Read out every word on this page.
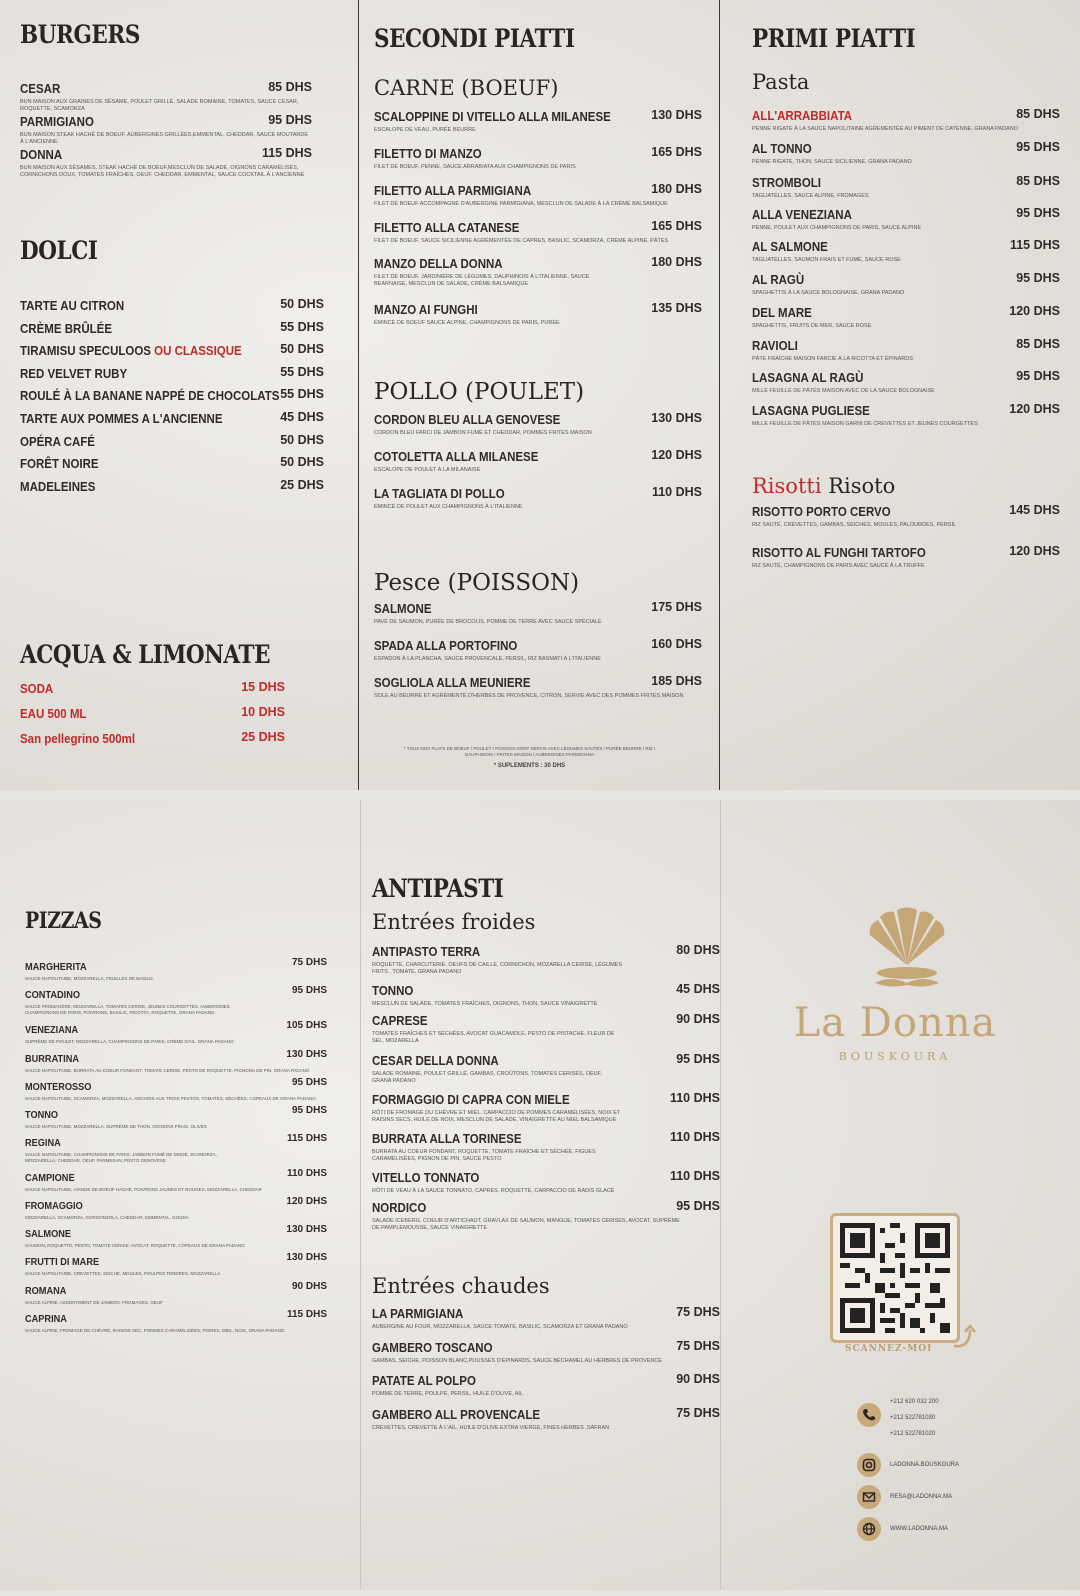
BURGERS
CESAR	85 DHS
BUN MAISON AUX GRAINES DE SÉSAME, POULET GRILLÉ, SALADE ROMAINE, TOMATES, SAUCE CESAR, ROQUETTE, SCAMORZA
PARMIGIANO	95 DHS
BUN MAISON STEAK HACHÉ DE BOEUF, AUBERGINES GRILLÉES,EMMENTAL, CHEDDAR, SAUCE MOUTARDE À L'ANCIENNE
DONNA	115 DHS
BUN MAISON AUX SÉSAMES, STEAK HACHÉ DE BOEUF,MESCLUN DE SALADE, OIGNONS CARAMÉLISÉS, CORNICHONS DOUX, TOMATES FRAÎCHES, OEUF, CHEDDAR, EMMENTAL, SAUCE COCKTAIL À L'ANCIENNE
DOLCI
TARTE AU CITRON	50 DHS
CRÈME BRÛLÉE	55 DHS
TIRAMISU SPECULOOS OU CLASSIQUE	50 DHS
RED VELVET RUBY	55 DHS
ROULÉ À LA BANANE NAPPÉ DE CHOCOLATS 55 DHS
TARTE AUX POMMES A L'ANCIENNE	45 DHS
OPÉRA CAFÉ	50 DHS
FORÊT NOIRE	50 DHS
MADELEINES	25 DHS
ACQUA & LIMONATE
SODA	15 DHS
EAU 500 ML	10 DHS
San pellegrino 500ml	25 DHS
SECONDI PIATTI
CARNE (BOEUF)
SCALOPPINE DI VITELLO ALLA MILANESE	130 DHS
ESCALOPE DE VEAU, PURÉE BEURRE
FILETTO DI MANZO	165 DHS
FILET DE BOEUF, PENNE, SAUCE ARRABIATA AUX CHAMPIGNONS DE PARIS
FILETTO ALLA PARMIGIANA	180 DHS
FILET DE BOEUF ACCOMPAGNÉ D'AUBERGINE PARMIGIANA, MESCLUN DE SALADE À LA CRÈME BALSAMIQUE
FILETTO ALLA CATANESE	165 DHS
FILET DE BOEUF, SAUCE SICILIENNE AGRÉMENTÉE DE CAPRES, BASILIC, SCAMORZA, CRÈME ALPINE, PÂTES
MANZO DELLA DONNA	180 DHS
FILET DE BOEUF, JARDINIÈRE DE LÉGUMES, DAUPHINOIS À L'ITALIENNE, SAUCE BEARNAISE, MESCLUN DE SALADE, CRÈME BALSAMIQUE
MANZO AI FUNGHI	135 DHS
ÉMINCÉ DE BOEUF SAUCE ALPINE, CHAMPIGNONS DE PARIS, PURÉE
POLLO (POULET)
CORDON BLEU ALLA GENOVESE	130 DHS
CORDON BLEU FARCI DE JAMBON FUMÉ ET CHEDDAR, POMMES FRITES MAISON
COTOLETTA ALLA MILANESE	120 DHS
ESCALOPE DE POULET À LA MILANAISE
LA TAGLIATA DI POLLO	110 DHS
ÉMINCÉ DE POULET AUX CHAMPIGNONS À L'ITALIENNE
Pesce (POISSON)
SALMONE	175 DHS
PAVÉ DE SAUMON, PURÉE DE BROCOLIS, POMME DE TERRE AVEC SAUCE SPÉCIALE
SPADA ALLA PORTOFINO	160 DHS
ESPADON À LA PLANCHA, SAUCE PROVENCALE, PERSIL, RIZ BASMATI À L'ITALIENNE
SOGLIOLA ALLA MEUNIERE	185 DHS
SOLE AU BEURRE ET AGRÉMENTÉ D'HERBES DE PROVENCE, CITRON, SERVIE AVEC DES POMMES FRITES MAISON
* TOUS NOS PLATS DE BOEUF / POULET / POISSON SONT SERVIS AVEC LÉGUMES SAUTÉS / PURÉE BEURRE / RIZ / DAUPHINOIS / FRITES MAISON / AUBERGINES PARMIGIANA
* SUPLEMENTS : 30 DHS
PRIMI PIATTI
Pasta
ALL'ARRABBIATA	85 DHS
PENNE RIGATE À LA SAUCE NAPOLITAINE AGREMENTÉE AU PIMENT DE CAYENNE, GRANA PADANO
AL TONNO	95 DHS
PENNE RIGATE, THON, SAUCE SICILIENNE, GRANA PADANO
STROMBOLI	85 DHS
TAGLIATELLES, SAUCE ALPINE, FROMAGES
ALLA VENEZIANA	95 DHS
PENNE, POULET AUX CHAMPIGNONS DE PARIS, SAUCE ALPINE
AL SALMONE	115 DHS
TAGLIATELLES, SAUMON FRAIS ET FUMÉ, SAUCE ROSE
AL RAGÙ	95 DHS
SPAGHETTIS À LA SAUCE BOLOGNAISE, GRANA PADANO
DEL MARE	120 DHS
SPAGHETTIS, FRUITS DE MER, SAUCE ROSE
RAVIOLI	85 DHS
PÂTE FRAÎCHE MAISON FARCIE À LA RICOTTA ET ÉPINARDS
LASAGNA AL RAGÙ	95 DHS
MILLE FEUILLE DE PÂTES MAISON AVEC DE LA SAUCE BOLOGNAISE
LASAGNA PUGLIESE	120 DHS
MILLE FEUILLE DE PÂTES MAISON GARNI DE CREVETTES ET JEUNES COURGETTES
Risotti Risoto
RISOTTO PORTO CERVO	145 DHS
RIZ SAUTÉ, CREVETTES, GAMBAS, SEICHES, MOULES, PALOURDES, PERSIL
RISOTTO AL FUNGHI TARTOFO	120 DHS
RIZ SAUTÉ, CHAMPIGNONS DE PARIS AVEC SAUCE À LA TRUFFE
PIZZAS
MARGHERITA	75 DHS
SAUCE NAPOLITAINE, MOZZARELLA, FEUILLES DE BASILIC
CONTADINO	95 DHS
SAUCE FROMAGÈRE, MOZZARELLA, TOMATES CERISE, JEUNES COURGETTES, AUBERGINES, CHAMPIGNONS DE PARIS, POIVRONS, BASILIC, RICOTTA, ROQUETTE, GRANA PADANO
VENEZIANA	105 DHS
SUPRÊME DE POULET, MOZZARELLA, CHAMPIGNONS DE PARIS, CRÈME D'AIL, GRANA PADANO
BURRATINA	130 DHS
SAUCE NAPOLITAINE, BURRATA AU COEUR FONDANT, TOMATE CERISE, PESTO DE ROQUETTE, PIGNONS DE PIN, GRANA PADANO
MONTEROSSO	95 DHS
SAUCE NAPOLITAINE, SCAMORZA, MOZZARELLA, ANCHOIS AUX TROIS PESTOS, TOMATES, SÉCHÉES, COPEAUX DE GRANA PADANO
TONNO	95 DHS
SAUCE NAPOLITAINE, MOZZARELLA, SUPRÊME DE THON, OIGNONS FRAIS, OLIVES
REGINA	115 DHS
SAUCE NAPOLITAINE, CHAMPIGNONS DE PARIS, JAMBON FUMÉ DE DINDE, SCAMORZA, MOZZARELLA, CHEDDAR, OEUF, PARMESAN, PESTO GENOVESE
CAMPIONE	110 DHS
SAUCE NAPOLITAINE, VIANDE DE BOEUF HACHÉ, POIVRONS JAUNES ET ROUGES, MOZZARELLA, CHEDDAR
FROMAGGIO	120 DHS
MOZZARELLA, SCAMORZA, GORGONZOLA, CHEDDAR, EMMENTAL, GOUDA
SALMONE	130 DHS
SAUMON, ROQUETTE, PESTO, TOMATE CERISE, AVOCAT, ROQUETTE, COPEAUX DE GRANA PADANO
FRUTTI DI MARE	130 DHS
SAUCE NAPOLITAINE, CREVETTES, SEICHE, MOULES, POULPES TENDRES, MOZZARELLA
ROMANA	90 DHS
SAUCE ALPINE, ASSORTIMENT DE JAMBON, FROMAGES, OEUF
CAPRINA	115 DHS
SAUCE ALPINE, FROMAGE DE CHÈVRE, RAISINS SEC, POMMES CARAMÉLISÉES, POIRES, MIEL, NOIX, GRANA PADANO
ANTIPASTI
Entrées froides
ANTIPASTO TERRA	80 DHS
ROQUETTE, CHARCUTERIE, OEUFS DE CAILLE, CORNICHON, MOZARELLA CERISE, LÉGUMES FRITS , TOMATE, GRANA PADANO
TONNO	45 DHS
MESCLUN DE SALADE, TOMATES FRAÎCHES, OIGNONS, THON, SAUCE VINAIGRETTE
CAPRESE	90 DHS
TOMATES FRAÎCHES ET SÉCHÉES, AVOCAT GUACAMOLE, PESTO DE PISTACHE, FLEUR DE SEL, MOZARELLA
CESAR DELLA DONNA	95 DHS
SALADE ROMAINE, POULET GRILLÉ, GAMBAS, CROÛTONS, TOMATES CERISES, OEUF, GRANA PADANO
FORMAGGIO DI CAPRA CON MIELE	110 DHS
RÔTI DE FROMAGE DU CHÈVRE ET MIEL, CARPACCIO DE POMMES CARAMÉLISÉES, NOIX ET RAISINS SECS, HUILE DE NOIX, MESCLUN DE SALADE, VINAIGRETTE AU MIEL BALSAMIQUE
BURRATA ALLA TORINESE	110 DHS
BURRATA AU COEUR FONDANT, ROQUETTE, TOMATE FRAÎCHE ET SÉCHÉE, FIGUES CARAMÉLISÉES, PIGNON DE PIN, SAUCE PESTO
VITELLO TONNATO	110 DHS
RÔTI DE VEAU À LA SAUCE TONNATO, CAPRES, ROQUETTE, CARPACCIO DE RADIS GLACÉ
NORDICO	95 DHS
SALADE ICEBERG, COEUR D'ARTICHAUT, GRAVLAX DE SAUMON, MANGUE, TOMATES CERISES, AVOCAT, SUPRÊME DE PAMPLEMOUSSE, SAUCE VINAIGRETTE
Entrées chaudes
LA PARMIGIANA	75 DHS
AUBERGINE AU FOUR, MOZZARELLA, SAUCE TOMATE, BASILIC, SCAMORZA ET GRANA PADANO
GAMBERO TOSCANO	75 DHS
GAMBAS, SEICHE, POISSON BLANC,POUSSES D'ÉPINARDS, SAUCE BÉCHAMEL AU HERBRES DE PROVENCE
PATATE AL POLPO	90 DHS
POMME DE TERRE, POULPE, PERSIL, HUILE D'OLIVE, AIL
GAMBERO ALL PROVENCALE	75 DHS
CREVETTES, CREVETTE À L'AIL, HUILE D'OLIVE EXTRA VIERGE, FINES HERBES ,SAFRAN
La Donna
BOUSKOURA
SCANNEZ-MOI
+212 620 032 200
+212 522781030
+212 522781020
LADONNA.BOUSKOURA
RESA@LADONNA.MA
WWW.LADONNA.MA
